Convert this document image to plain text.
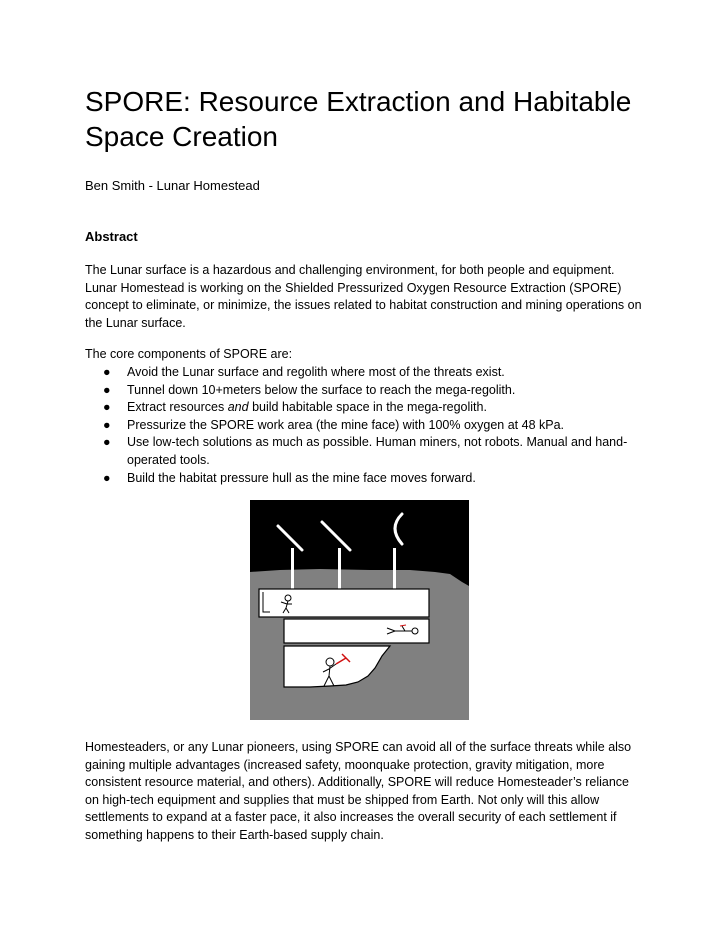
SPORE: Resource Extraction and Habitable Space Creation
Ben Smith - Lunar Homestead
Abstract

The Lunar surface is a hazardous and challenging environment, for both people and equipment. Lunar Homestead is working on the Shielded Pressurized Oxygen Resource Extraction (SPORE) concept to eliminate, or minimize, the issues related to habitat construction and mining operations on the Lunar surface.

The core components of SPORE are:

● Avoid the Lunar surface and regolith where most of the threats exist.
● Tunnel down 10+meters below the surface to reach the mega-regolith.
● Extract resources and build habitable space in the mega-regolith.
● Pressurize the SPORE work area (the mine face) with 100% oxygen at 48 kPa.
● Use low-tech solutions as much as possible. Human miners, not robots. Manual and hand-operated tools.
● Build the habitat pressure hull as the mine face moves forward.

Homesteaders, or any Lunar pioneers, using SPORE can avoid all of the surface threats while also gaining multiple advantages (increased safety, moonquake protection, gravity mitigation, more consistent resource material, and others). Additionally, SPORE will reduce Homesteader’s reliance on high-tech equipment and supplies that must be shipped from Earth. Not only will this allow settlements to expand at a faster pace, it also increases the overall security of each settlement if something happens to their Earth-based supply chain.
